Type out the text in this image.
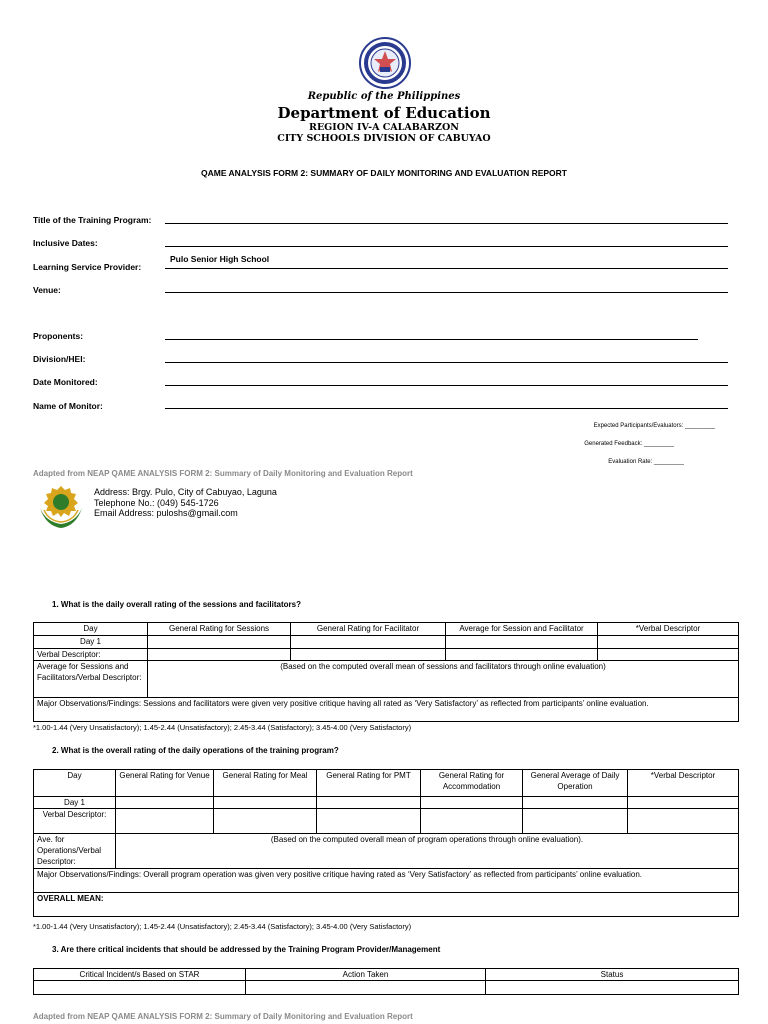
Republic of the Philippines
Department of Education
REGION IV-A CALABARZON
CITY SCHOOLS DIVISION OF CABUYAO
QAME ANALYSIS FORM 2: SUMMARY OF DAILY MONITORING AND EVALUATION REPORT
Title of the Training Program:
Inclusive Dates:
Learning Service Provider:
Pulo Senior High School
Venue:
Proponents:
Division/HEI:
Date Monitored:
Name of Monitor:
Expected Participants/Evaluators: _________
Generated Feedback: _________
Evaluation Rate: _________
Adapted from NEAP QAME ANALYSIS FORM 2: Summary of Daily Monitoring and Evaluation Report
Address: Brgy. Pulo, City of Cabuyao, Laguna
Telephone No.: (049) 545-1726
Email Address: puloshs@gmail.com
1. What is the daily overall rating of the sessions and facilitators?
Day	General Rating for Sessions	General Rating for Facilitator	Average for Session and Facilitator	*Verbal Descriptor
Day 1				
Verbal Descriptor:				
Average for Sessions and Facilitators/Verbal Descriptor:	(Based on the computed overall mean of sessions and facilitators through online evaluation)			
Major Observations/Findings: Sessions and facilitators were given very positive critique having all rated as ‘Very Satisfactory’ as reflected from participants’ online evaluation.				
*1.00-1.44 (Very Unsatisfactory); 1.45-2.44 (Unsatisfactory); 2.45-3.44 (Satisfactory); 3.45-4.00 (Very Satisfactory)
2. What is the overall rating of the daily operations of the training program?
Day	General Rating for Venue	General Rating for Meal	General Rating for PMT	General Rating for Accommodation	General Average of Daily Operation	*Verbal Descriptor
Day 1						
Verbal Descriptor:						
Ave. for Operations/Verbal Descriptor:	(Based on the computed overall mean of program operations through online evaluation).					
Major Observations/Findings: Overall program operation was given very positive critique having rated as ‘Very Satisfactory’ as reflected from participants’ online evaluation.						
OVERALL MEAN:						
*1.00-1.44 (Very Unsatisfactory); 1.45-2.44 (Unsatisfactory); 2.45-3.44 (Satisfactory); 3.45-4.00 (Very Satisfactory)
3. Are there critical incidents that should be addressed by the Training Program Provider/Management
Critical Incident/s Based on STAR	Action Taken	Status

Adapted from NEAP QAME ANALYSIS FORM 2: Summary of Daily Monitoring and Evaluation Report
